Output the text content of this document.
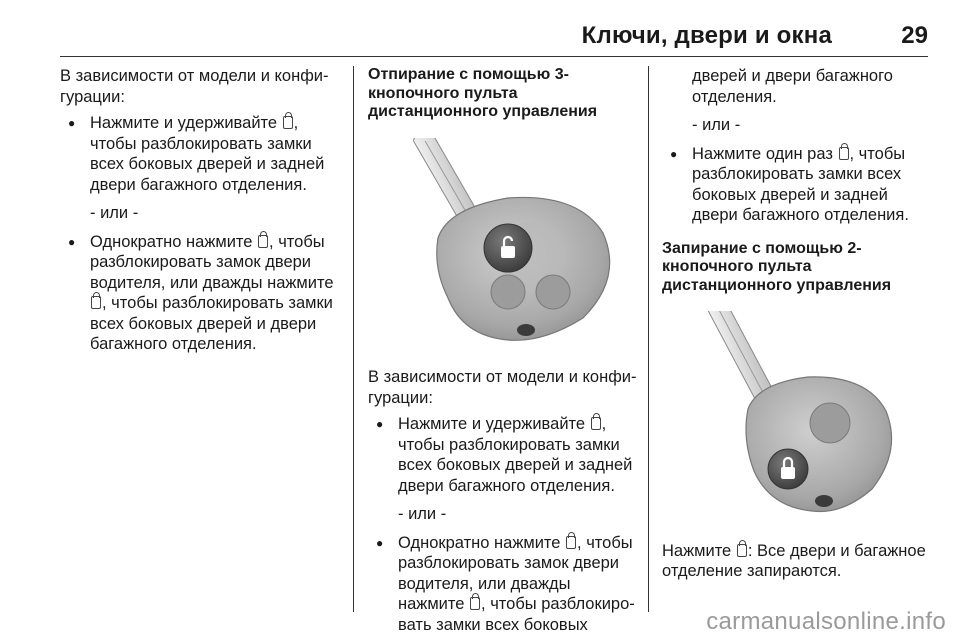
Ключи, двери и окна	29

В зависимости от модели и конфигурации:

● Нажмите и удерживайте , чтобы разблокировать замки всех боковых дверей и задней двери багажного отделения.

- или -

● Однократно нажмите , чтобы разблокировать замок двери водителя, или дважды нажмите , чтобы разблокировать замки всех боковых дверей и двери багажного отделения.

Отпирание с помощью 3-кнопочного пульта дистанционного управления

В зависимости от модели и конфигурации:

● Нажмите и удерживайте , чтобы разблокировать замки всех боковых дверей и задней двери багажного отделения.

- или -

● Однократно нажмите , чтобы разблокировать замок двери водителя, или дважды нажмите , чтобы разблокировать замки всех боковых

дверей и двери багажного отделения.

- или -

● Нажмите один раз , чтобы разблокировать замки всех боковых дверей и задней двери багажного отделения.

Запирание с помощью 2-кнопочного пульта дистанционного управления

Нажмите : Все двери и багажное отделение запираются.

carmanualsonline.info
